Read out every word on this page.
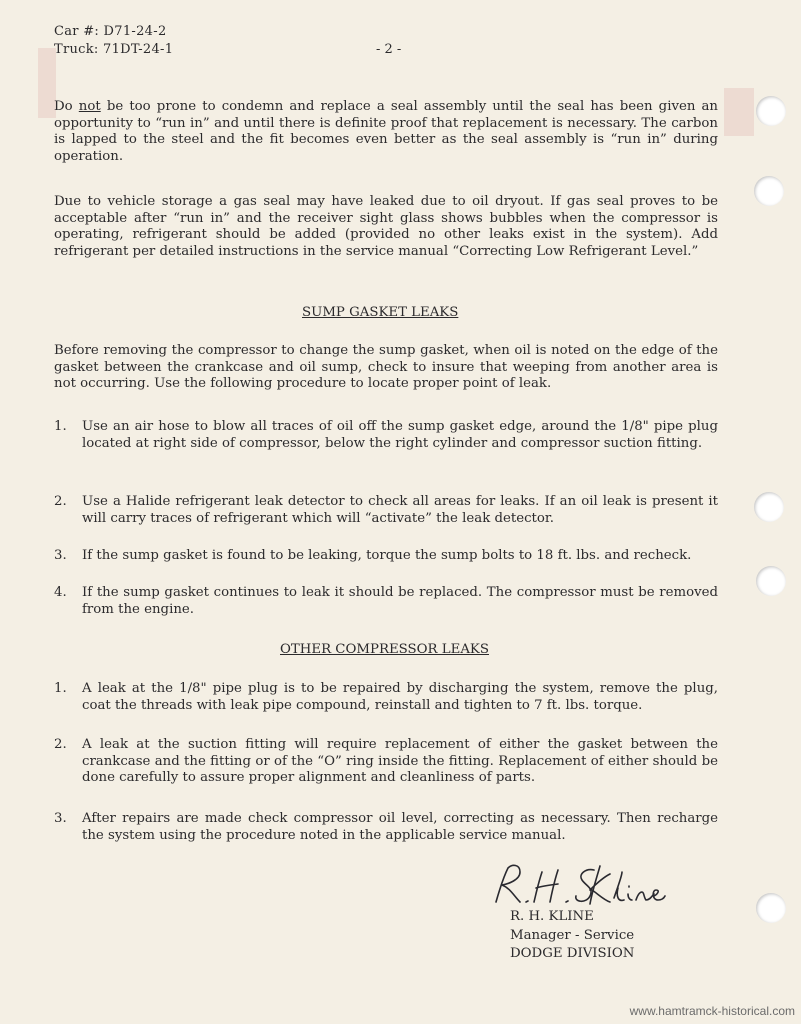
Car #: D71-24-2
Truck: 71DT-24-1	- 2 -

Do not be too prone to condemn and replace a seal assembly until the seal has been given an opportunity to “run in” and until there is definite proof that replacement is necessary. The carbon is lapped to the steel and the fit becomes even better as the seal assembly is “run in” during operation.

Due to vehicle storage a gas seal may have leaked due to oil dryout. If gas seal proves to be acceptable after “run in” and the receiver sight glass shows bubbles when the compressor is operating, refrigerant should be added (provided no other leaks exist in the system). Add refrigerant per detailed instructions in the service manual “Correcting Low Refrigerant Level.”

SUMP GASKET LEAKS

Before removing the compressor to change the sump gasket, when oil is noted on the edge of the gasket between the crankcase and oil sump, check to insure that weeping from another area is not occurring. Use the following procedure to locate proper point of leak.

1. Use an air hose to blow all traces of oil off the sump gasket edge, around the 1/8" pipe plug located at right side of compressor, below the right cylinder and compressor suction fitting.
2. Use a Halide refrigerant leak detector to check all areas for leaks. If an oil leak is present it will carry traces of refrigerant which will “activate” the leak detector.
3. If the sump gasket is found to be leaking, torque the sump bolts to 18 ft. lbs. and recheck.
4. If the sump gasket continues to leak it should be replaced. The compressor must be removed from the engine.
OTHER COMPRESSOR LEAKS
1. A leak at the 1/8" pipe plug is to be repaired by discharging the system, remove the plug, coat the threads with leak pipe compound, reinstall and tighten to 7 ft. lbs. torque.
2. A leak at the suction fitting will require replacement of either the gasket between the crankcase and the fitting or of the “O” ring inside the fitting. Replacement of either should be done carefully to assure proper alignment and cleanliness of parts.
3. After repairs are made check compressor oil level, correcting as necessary. Then recharge the system using the procedure noted in the applicable service manual.
R. H. KLINE
Manager - Service
DODGE DIVISION
www.hamtramck-historical.com
